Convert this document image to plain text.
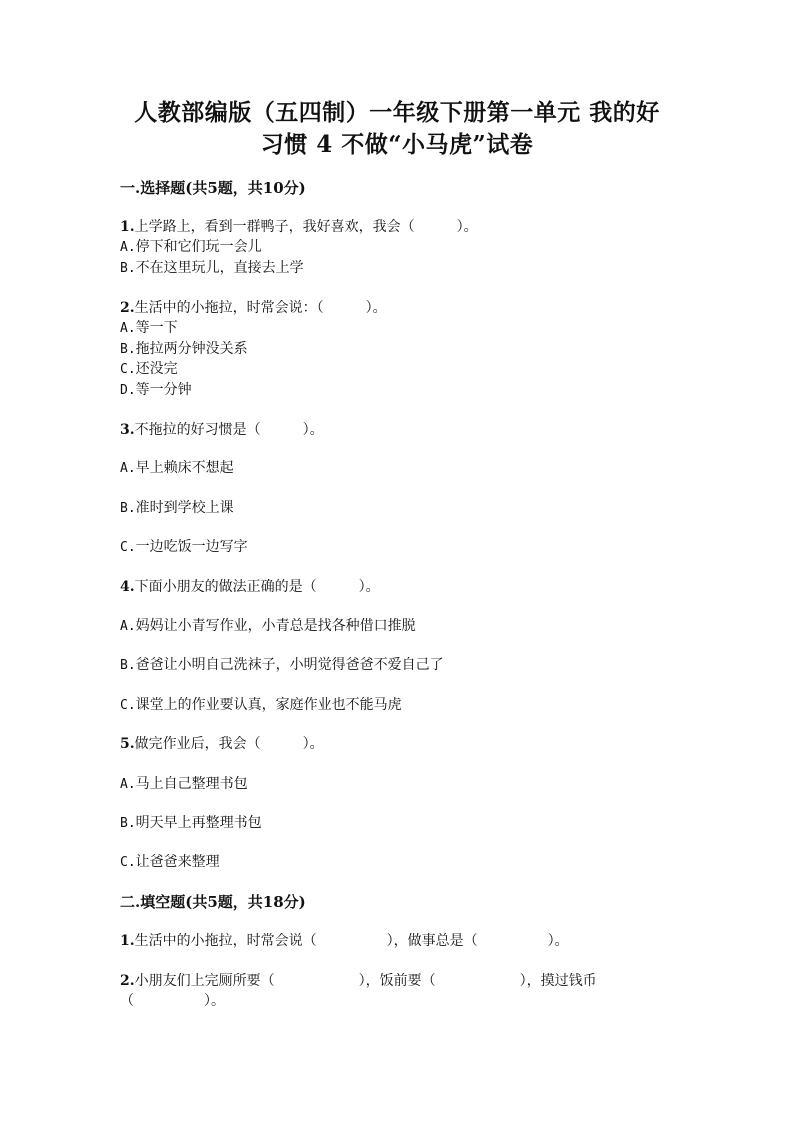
人教部编版（五四制）一年级下册第一单元 我的好
习惯 4 不做“小马虎”试卷
一.选择题(共5题，共10分)
1.上学路上，看到一群鸭子，我好喜欢，我会（　　　）。
A.停下和它们玩一会儿
B.不在这里玩儿，直接去上学
2.生活中的小拖拉，时常会说：（　　　）。
A.等一下
B.拖拉两分钟没关系
C.还没完
D.等一分钟
3.不拖拉的好习惯是（　　　）。
A.早上赖床不想起
B.准时到学校上课
C.一边吃饭一边写字
4.下面小朋友的做法正确的是（　　　）。
A.妈妈让小青写作业，小青总是找各种借口推脱
B.爸爸让小明自己洗袜子，小明觉得爸爸不爱自己了
C.课堂上的作业要认真，家庭作业也不能马虎
5.做完作业后，我会（　　　）。
A.马上自己整理书包
B.明天早上再整理书包
C.让爸爸来整理
二.填空题(共5题，共18分)
1.生活中的小拖拉，时常会说（　　　　　），做事总是（　　　　　）。
2.小朋友们上完厕所要（　　　　　　），饭前要（　　　　　　），摸过钱币
（　　　　　）。
